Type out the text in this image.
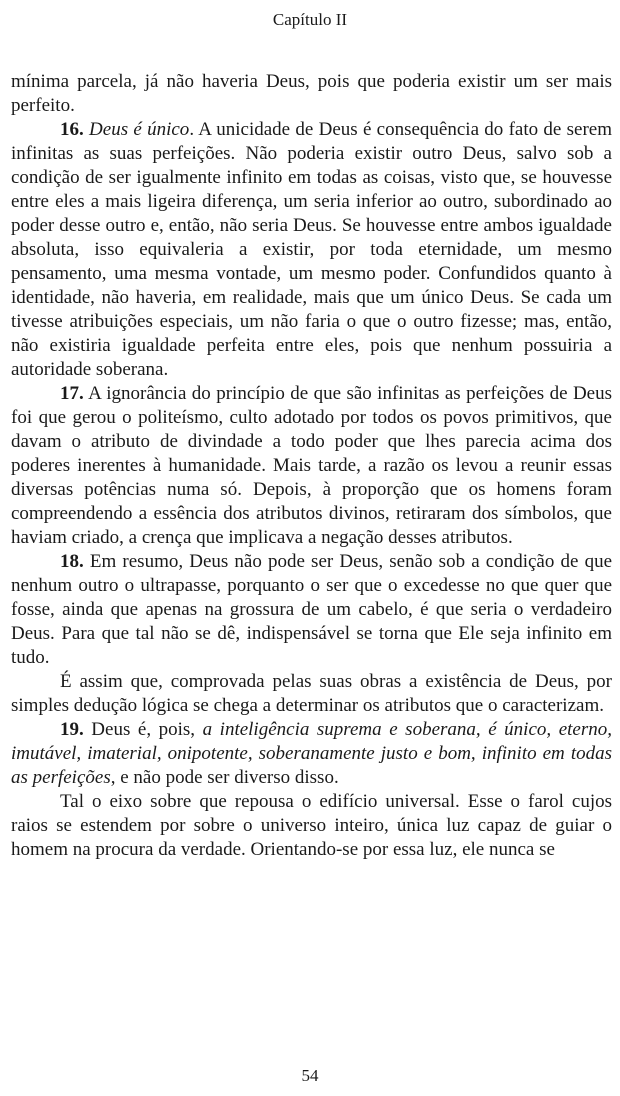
Capítulo II

mínima parcela, já não haveria Deus, pois que poderia existir um ser mais perfeito.

16. Deus é único. A unicidade de Deus é consequência do fato de serem infinitas as suas perfeições. Não poderia existir outro Deus, salvo sob a condição de ser igualmente infinito em todas as coisas, visto que, se houvesse entre eles a mais ligeira diferença, um seria inferior ao outro, subordinado ao poder desse outro e, então, não seria Deus. Se houvesse entre ambos igualdade absoluta, isso equivaleria a existir, por toda eternidade, um mesmo pensamento, uma mesma vontade, um mesmo poder. Confundidos quanto à identidade, não haveria, em realidade, mais que um único Deus. Se cada um tivesse atribuições especiais, um não faria o que o outro fizesse; mas, então, não existiria igualdade perfeita entre eles, pois que nenhum possuiria a autoridade soberana.

17. A ignorância do princípio de que são infinitas as perfeições de Deus foi que gerou o politeísmo, culto adotado por todos os povos primitivos, que davam o atributo de divindade a todo poder que lhes parecia acima dos poderes inerentes à humanidade. Mais tarde, a razão os levou a reunir essas diversas potências numa só. Depois, à proporção que os homens foram compreendendo a essência dos atributos divinos, retiraram dos símbolos, que haviam criado, a crença que implicava a negação desses atributos.

18. Em resumo, Deus não pode ser Deus, senão sob a condição de que nenhum outro o ultrapasse, porquanto o ser que o excedesse no que quer que fosse, ainda que apenas na grossura de um cabelo, é que seria o verdadeiro Deus. Para que tal não se dê, indispensável se torna que Ele seja infinito em tudo.

É assim que, comprovada pelas suas obras a existência de Deus, por simples dedução lógica se chega a determinar os atributos que o caracterizam.

19. Deus é, pois, a inteligência suprema e soberana, é único, eterno, imutável, imaterial, onipotente, soberanamente justo e bom, infinito em todas as perfeições, e não pode ser diverso disso.

Tal o eixo sobre que repousa o edifício universal. Esse o farol cujos raios se estendem por sobre o universo inteiro, única luz capaz de guiar o homem na procura da verdade. Orientando-se por essa luz, ele nunca se

54
